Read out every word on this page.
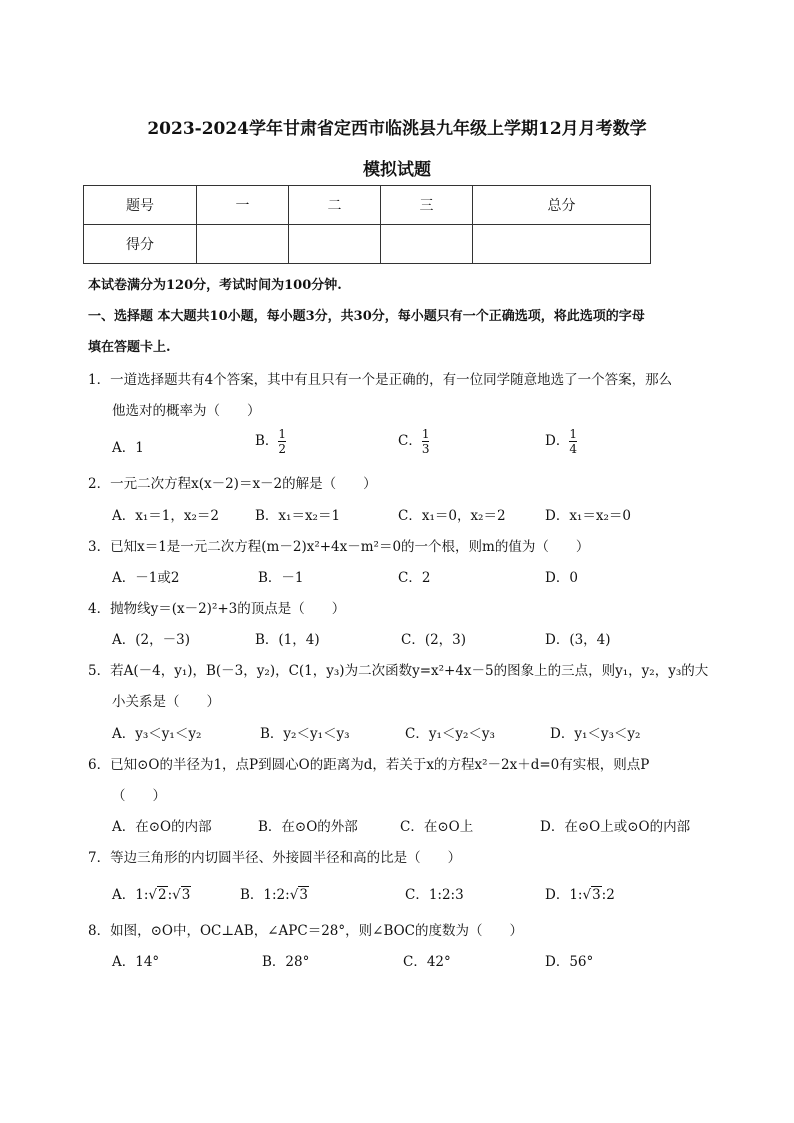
2023-2024学年甘肃省定西市临洮县九年级上学期12月月考数学
模拟试题
题号	一	二	三	总分
得分				
本试卷满分为120分，考试时间为100分钟.
一、选择题 本大题共10小题，每小题3分，共30分，每小题只有一个正确选项，将此选项的字母
填在答题卡上.
1．一道选择题共有4个答案，其中有且只有一个是正确的，有一位同学随意地选了一个答案，那么
他选对的概率为（　　）
A．1	B． $\frac{1}{2}$	C． $\frac{1}{3}$	D． $\frac{1}{4}$
2．一元二次方程x(x－2)＝x－2的解是（　　）
A．x₁＝1，x₂＝2	B．x₁＝x₂＝1	C．x₁＝0，x₂＝2	D．x₁＝x₂＝0
3．已知x＝1是一元二次方程(m－2)x²+4x－m²＝0的一个根，则m的值为（　　）
A．－1或2	B．－1	C．2	D．0
4．抛物线y＝(x－2)²+3的顶点是（　　）
A．(2，－3)	B．(1，4)	C．(2，3)	D．(3，4)
5．若A(－4，y₁)，B(－3，y₂)，C(1，y₃)为二次函数y=x²+4x－5的图象上的三点，则y₁，y₂，y₃的大
小关系是（　　）
A．y₃＜y₁＜y₂	B．y₂＜y₁＜y₃	C．y₁＜y₂＜y₃	D．y₁＜y₃＜y₂
6．已知⊙O的半径为1，点P到圆心O的距离为d，若关于x的方程x²－2x＋d=0有实根，则点P
（　　）
A．在⊙O的内部	B．在⊙O的外部	C．在⊙O上	D．在⊙O上或⊙O的内部
7．等边三角形的内切圆半径、外接圆半径和高的比是（　　）
A．1:√2:√3	B．1:2:√3	C．1:2:3	D．1:√3:2
8．如图，⊙O中，OC⊥AB，∠APC＝28°，则∠BOC的度数为（　　）
A．14°	B．28°	C．42°	D．56°
